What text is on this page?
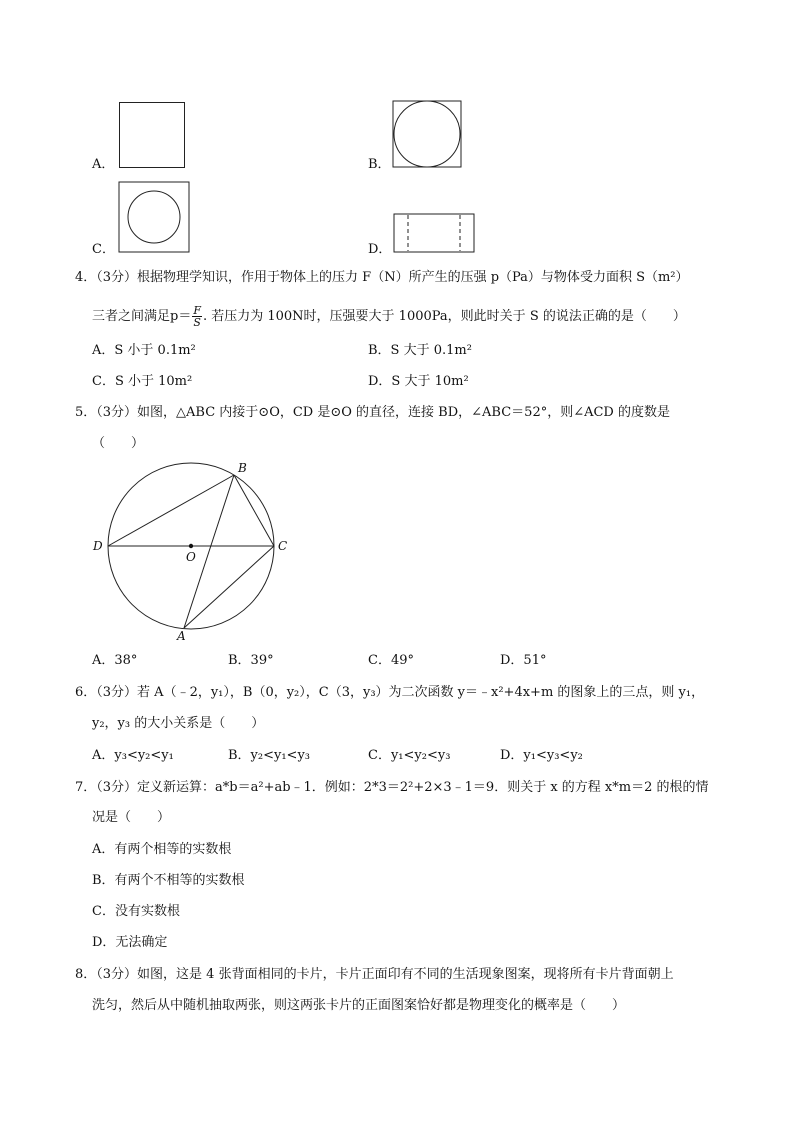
A．	B．
C．	D．
4．（3分）根据物理学知识，作用于物体上的压力 F（N）所产生的压强 p（Pa）与物体受力面积 S（m²）
三者之间满足$p= \frac{F}{S}$ . 若压力为 100N时，压强要大于 1000Pa，则此时关于 S 的说法正确的是（　　）
A．S 小于 0.1m²	B．S 大于 0.1m²
C．S 小于 10m²	D．S 大于 10m²
5．（3分）如图，△ABC 内接于⊙O，CD 是⊙O 的直径，连接 BD，∠ABC＝52°，则∠ACD 的度数是
（　　）
B
D	C
O
A
A．38°	B．39°	C．49°	D．51°
6．（3分）若 A（﹣2，y₁），B（0，y₂），C（3，y₃）为二次函数 y＝﹣x²+4x+m 的图象上的三点，则 y₁，
y₂，y₃ 的大小关系是（　　）
A．y₃<y₂<y₁	B．y₂<y₁<y₃	C．y₁<y₂<y₃	D．y₁<y₃<y₂
7．（3分）定义新运算：a*b＝a²+ab﹣1．例如：2*3＝2²+2×3﹣1＝9．则关于 x 的方程 x*m＝2 的根的情
况是（　　）
A．有两个相等的实数根
B．有两个不相等的实数根
C．没有实数根
D．无法确定
8．（3分）如图，这是 4 张背面相同的卡片，卡片正面印有不同的生活现象图案，现将所有卡片背面朝上
洗匀，然后从中随机抽取两张，则这两张卡片的正面图案恰好都是物理变化的概率是（　　）
